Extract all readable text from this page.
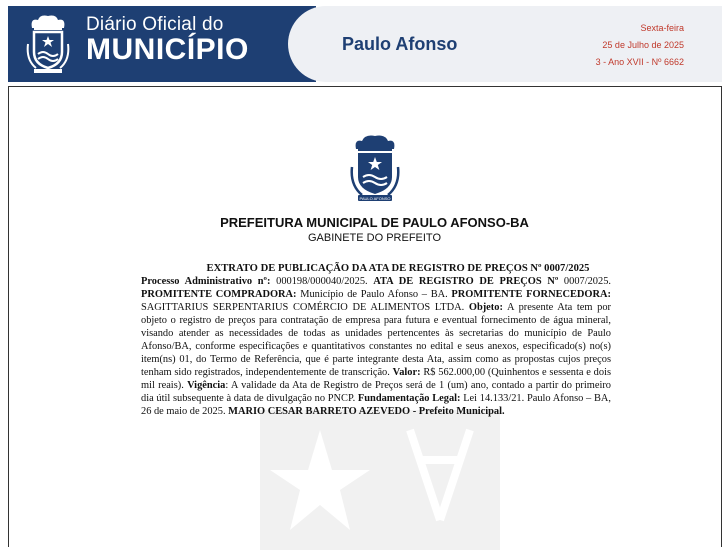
Diário Oficial do
MUNICÍPIO	Paulo Afonso
Sexta-feira
25 de Julho de 2025
3 - Ano XVII - Nº 6662
PAULO AFONSO
PREFEITURA MUNICIPAL DE PAULO AFONSO-BA
GABINETE DO PREFEITO
EXTRATO DE PUBLICAÇÃO DA ATA DE REGISTRO DE PREÇOS Nº 0007/2025
Processo Administrativo nº: 000198/000040/2025. ATA DE REGISTRO DE PREÇOS Nº 0007/2025. PROMITENTE COMPRADORA: Município de Paulo Afonso – BA. PROMITENTE FORNECEDORA: SAGITTARIUS SERPENTARIUS COMÉRCIO DE ALIMENTOS LTDA. Objeto: A presente Ata tem por objeto o registro de preços para contratação de empresa para futura e eventual fornecimento de água mineral, visando atender as necessidades de todas as unidades pertencentes às secretarias do município de Paulo Afonso/BA, conforme especificações e quantitativos constantes no edital e seus anexos, especificado(s) no(s) item(ns) 01, do Termo de Referência, que é parte integrante desta Ata, assim como as propostas cujos preços tenham sido registrados, independentemente de transcrição. Valor: R$ 562.000,00 (Quinhentos e sessenta e dois mil reais). Vigência: A validade da Ata de Registro de Preços será de 1 (um) ano, contado a partir do primeiro dia útil subsequente à data de divulgação no PNCP. Fundamentação Legal: Lei 14.133/21. Paulo Afonso – BA, 26 de maio de 2025. MARIO CESAR BARRETO AZEVEDO - Prefeito Municipal.
